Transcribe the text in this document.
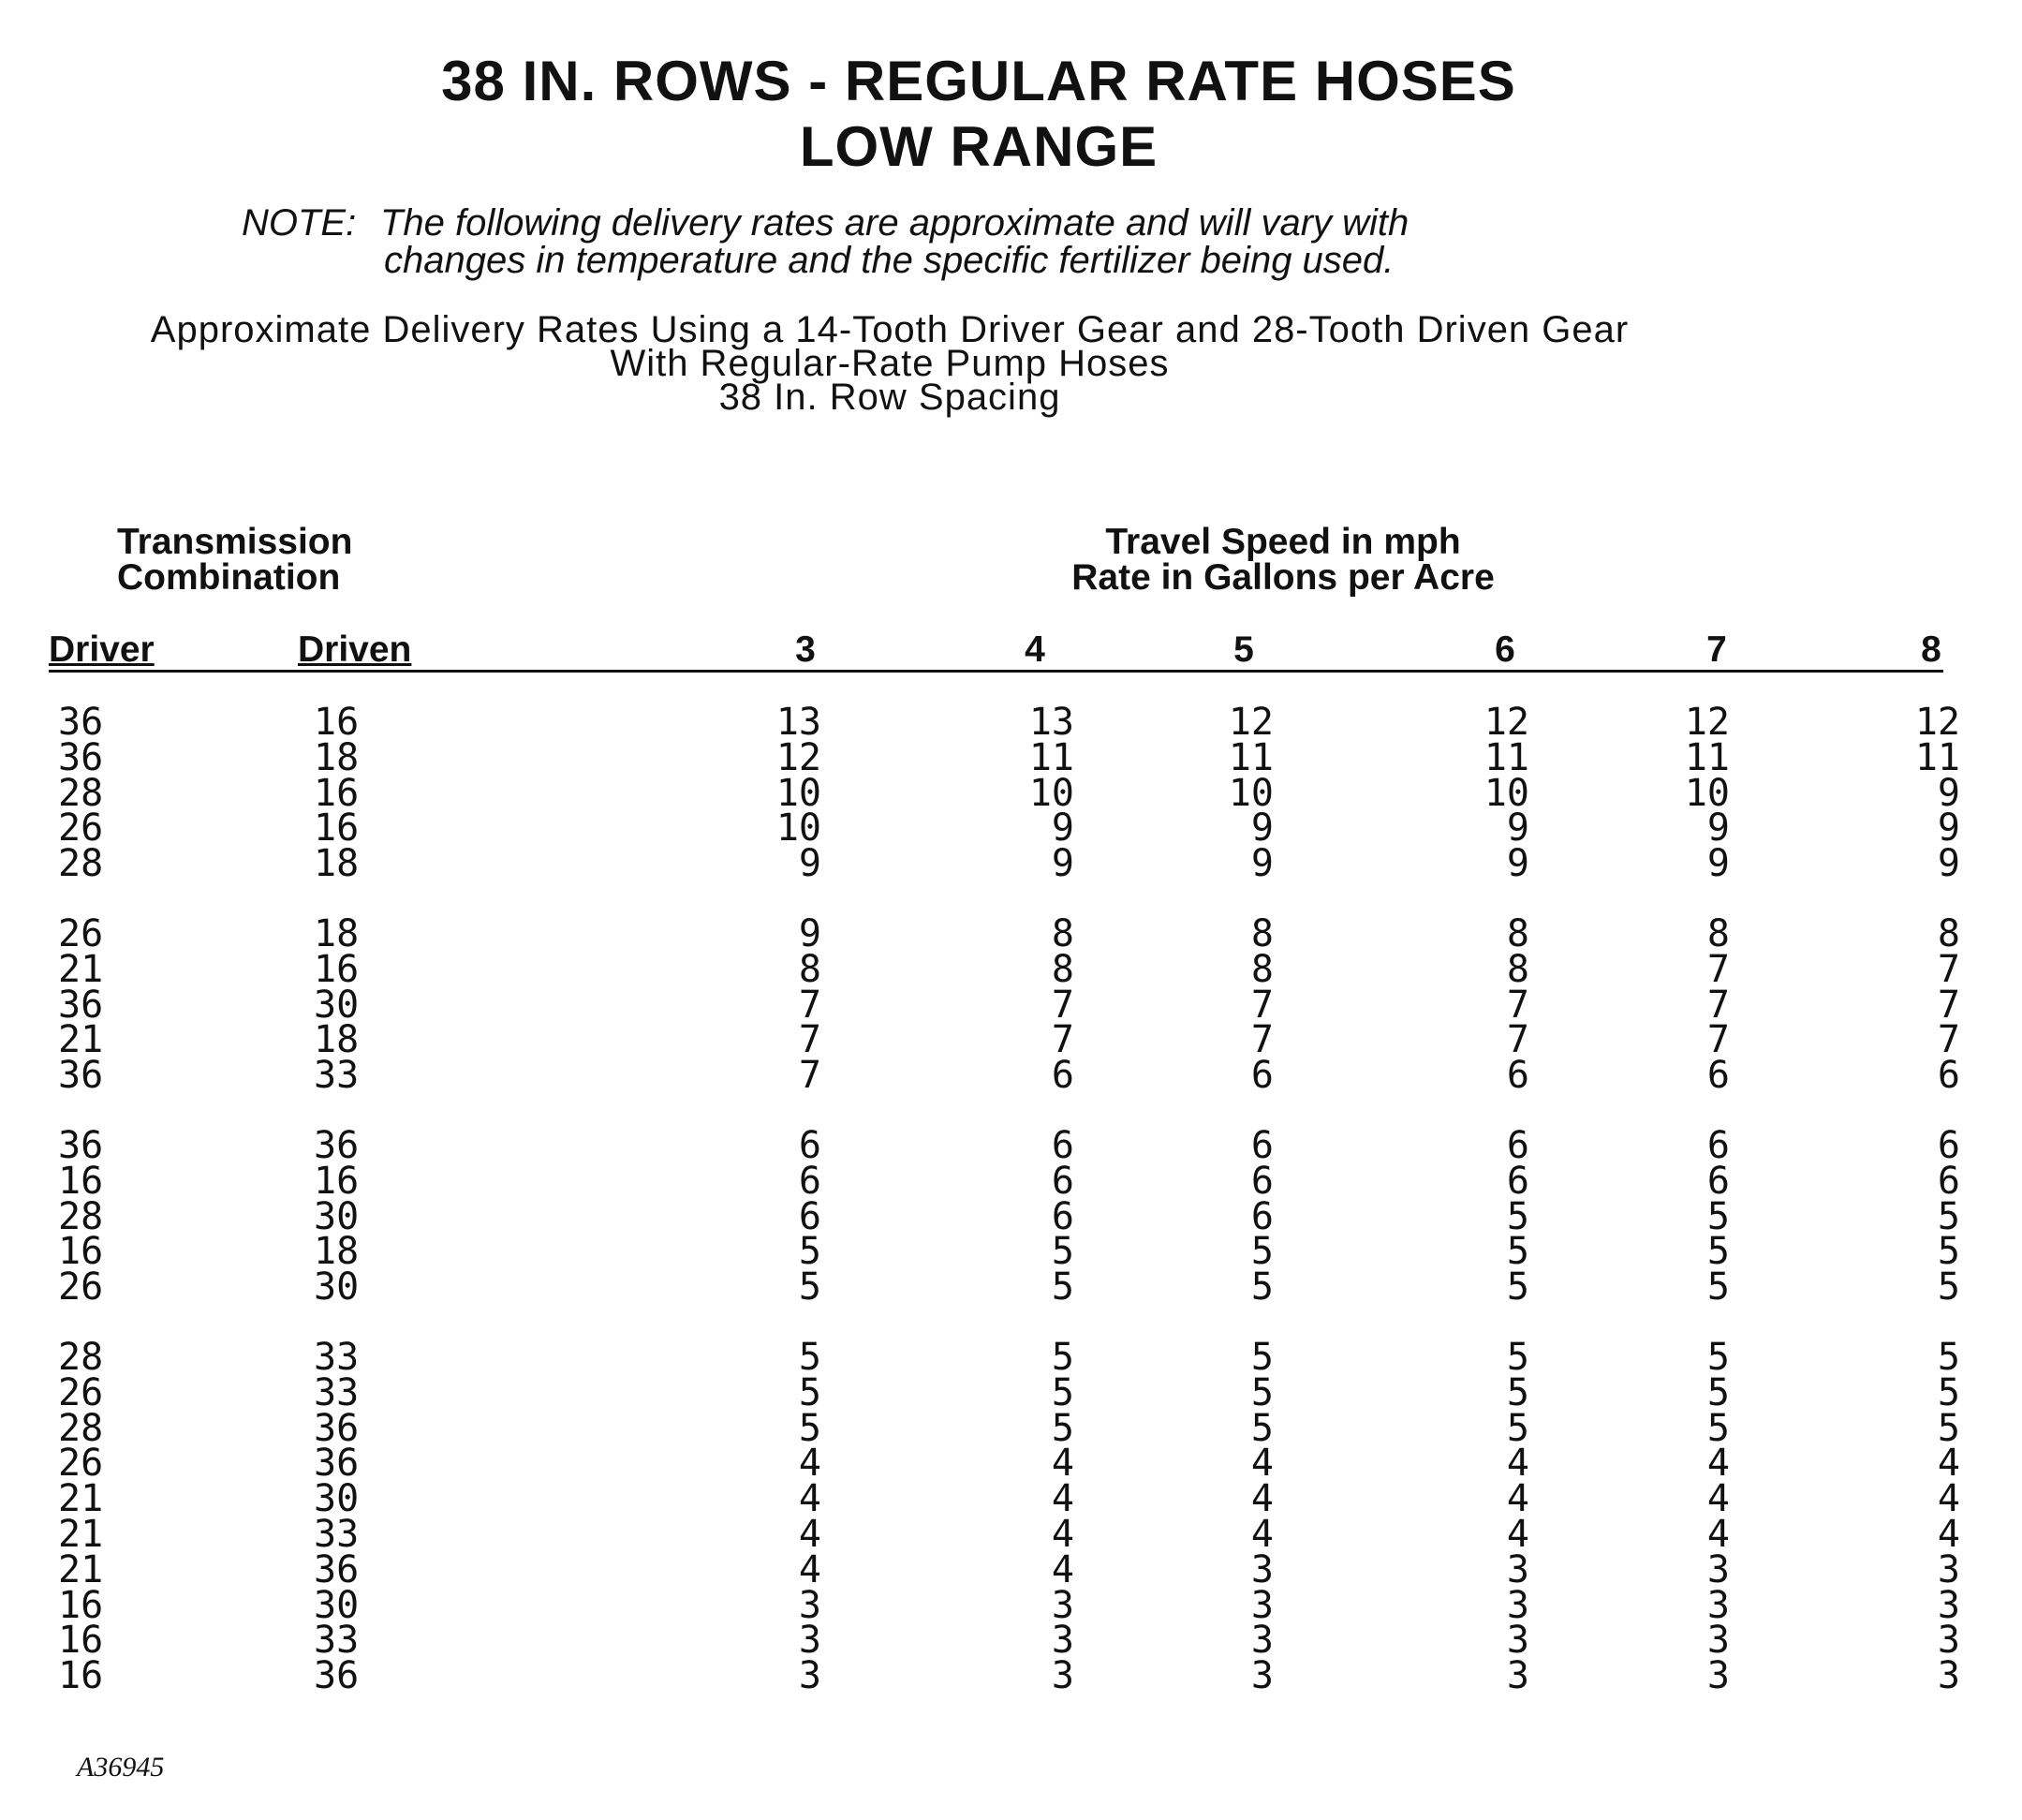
38 IN. ROWS - REGULAR RATE HOSES
LOW RANGE
NOTE: The following delivery rates are approximate and will vary with
changes in temperature and the specific fertilizer being used.
Approximate Delivery Rates Using a 14-Tooth Driver Gear and 28-Tooth Driven Gear
With Regular-Rate Pump Hoses
38 In. Row Spacing
Transmission
Combination
Travel Speed in mph
Rate in Gallons per Acre
Driver	Driven	3	4	5	6	7	8
36	16	13	13	12	12	12	12
36	18	12	11	11	11	11	11
28	16	10	10	10	10	10	9
26	16	10	9	9	9	9	9
28	18	9	9	9	9	9	9
26	18	9	8	8	8	8	8
21	16	8	8	8	8	7	7
36	30	7	7	7	7	7	7
21	18	7	7	7	7	7	7
36	33	7	6	6	6	6	6
36	36	6	6	6	6	6	6
16	16	6	6	6	6	6	6
28	30	6	6	6	5	5	5
16	18	5	5	5	5	5	5
26	30	5	5	5	5	5	5
28	33	5	5	5	5	5	5
26	33	5	5	5	5	5	5
28	36	5	5	5	5	5	5
26	36	4	4	4	4	4	4
21	30	4	4	4	4	4	4
21	33	4	4	4	4	4	4
21	36	4	4	3	3	3	3
16	30	3	3	3	3	3	3
16	33	3	3	3	3	3	3
16	36	3	3	3	3	3	3
A36945
